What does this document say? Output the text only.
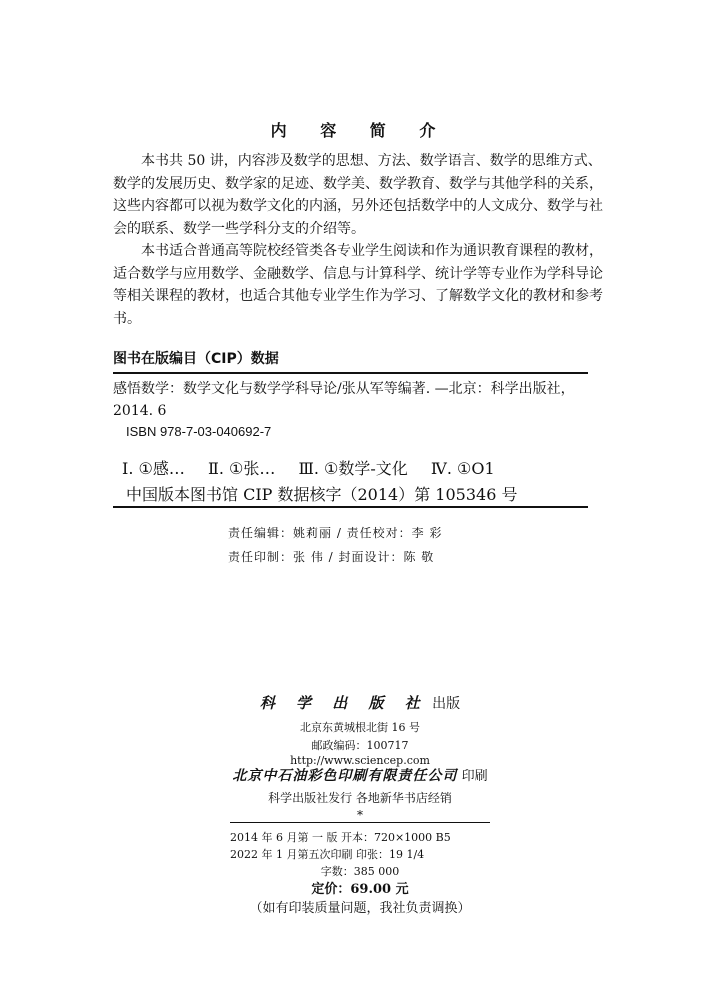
内 容 简 介
本书共 50 讲，内容涉及数学的思想、方法、数学语言、数学的思维方式、数学的发展历史、数学家的足迹、数学美、数学教育、数学与其他学科的关系，这些内容都可以视为数学文化的内涵，另外还包括数学中的人文成分、数学与社会的联系、数学一些学科分支的介绍等。
本书适合普通高等院校经管类各专业学生阅读和作为通识教育课程的教材，适合数学与应用数学、金融数学、信息与计算科学、统计学等专业作为学科导论等相关课程的教材，也适合其他专业学生作为学习、了解数学文化的教材和参考书。
图书在版编目（CIP）数据
感悟数学：数学文化与数学学科导论/张从军等编著. —北京：科学出版社，2014. 6
ISBN 978-7-03-040692-7
Ⅰ. ①感… Ⅱ. ①张… Ⅲ. ①数学-文化 Ⅳ. ①O1
中国版本图书馆 CIP 数据核字（2014）第 105346 号
责任编辑：姚莉丽 / 责任校对：李 彩
责任印制：张 伟 / 封面设计：陈 敬
科 学 出 版 社 出版
北京东黄城根北街 16 号
邮政编码：100717
http://www.sciencep.com
北京中石油彩色印刷有限责任公司 印刷
科学出版社发行 各地新华书店经销
*
2014 年 6 月第 一 版 开本：720×1000 B5
2022 年 1 月第五次印刷 印张：19 1/4
字数：385 000
定价：69.00 元
（如有印装质量问题，我社负责调换）
